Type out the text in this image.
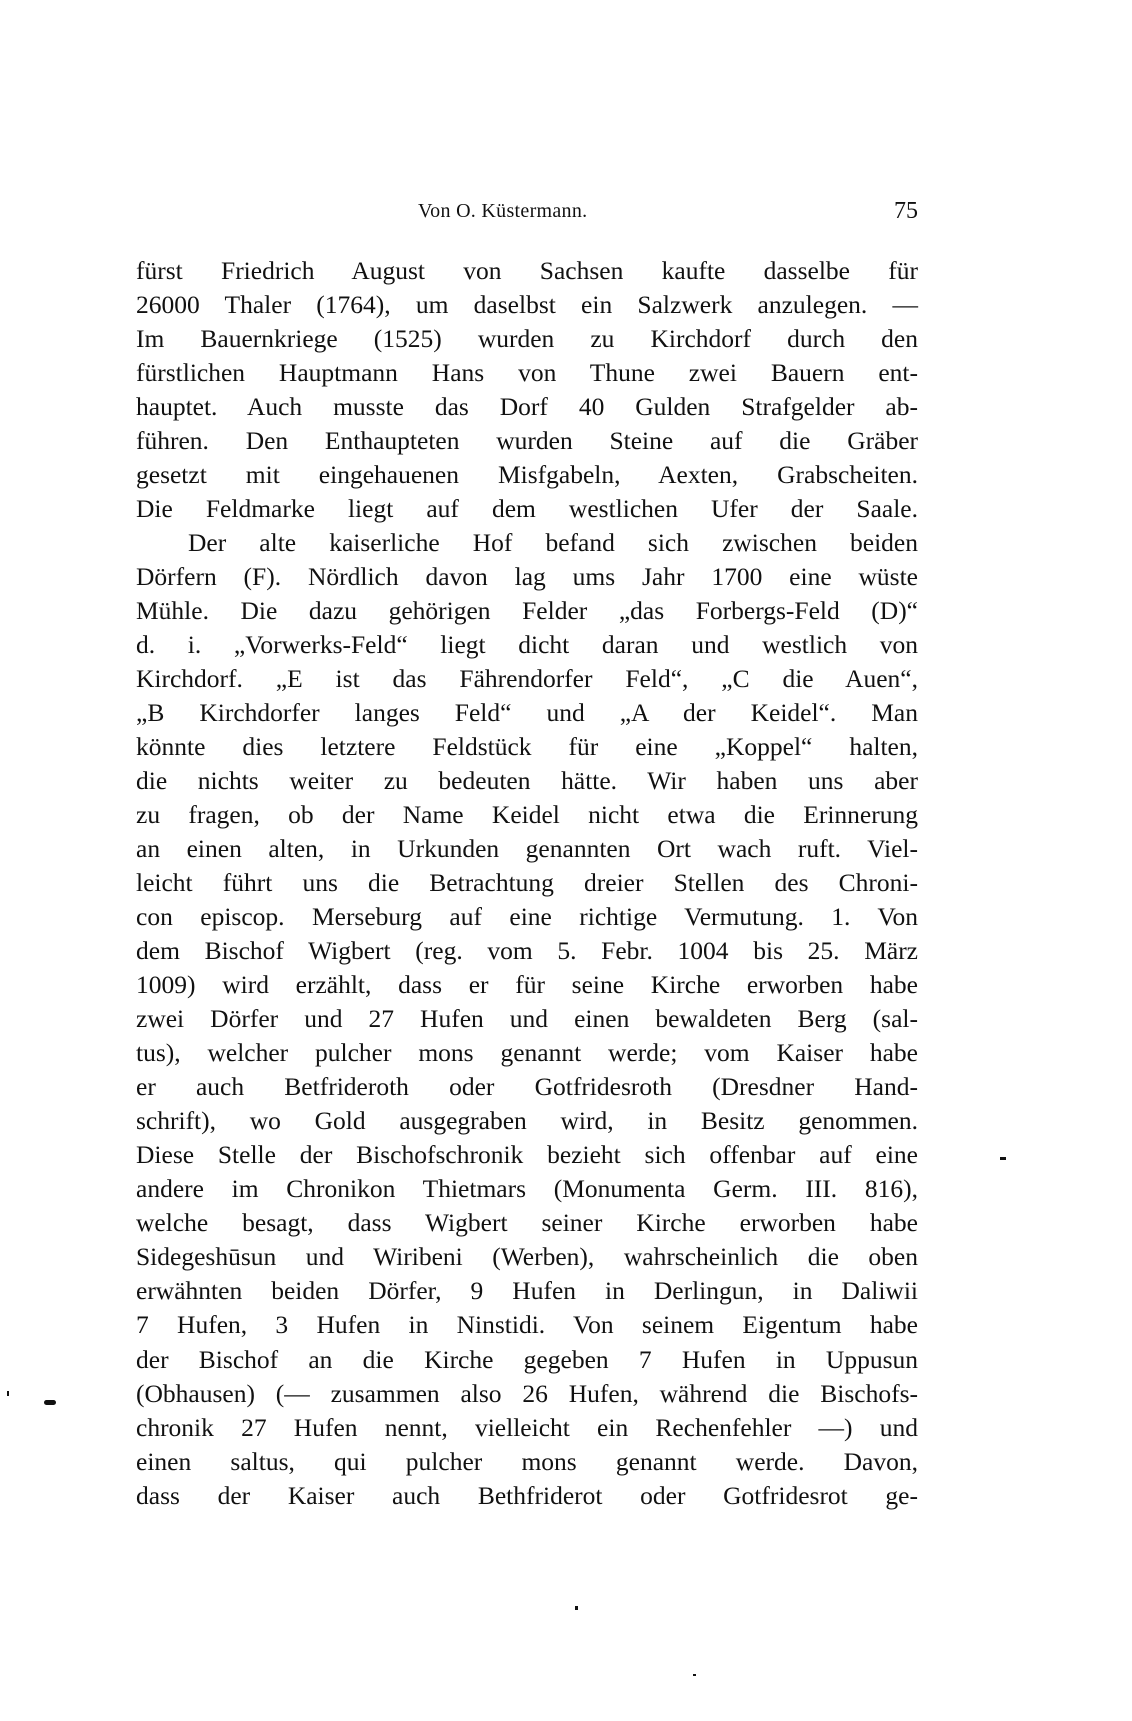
Von O. Küstermann.	75
fürst Friedrich August von Sachsen kaufte dasselbe für
26000 Thaler (1764), um daselbst ein Salzwerk anzulegen. —
Im Bauernkriege (1525) wurden zu Kirchdorf durch den
fürstlichen Hauptmann Hans von Thune zwei Bauern ent-
hauptet. Auch musste das Dorf 40 Gulden Strafgelder ab-
führen. Den Enthaupteten wurden Steine auf die Gräber
gesetzt mit eingehauenen Misfgabeln, Aexten, Grabscheiten.
Die Feldmarke liegt auf dem westlichen Ufer der Saale.
Der alte kaiserliche Hof befand sich zwischen beiden
Dörfern (F). Nördlich davon lag ums Jahr 1700 eine wüste
Mühle. Die dazu gehörigen Felder „das Forbergs-Feld (D)“
d. i. „Vorwerks-Feld“ liegt dicht daran und westlich von
Kirchdorf. „E ist das Fährendorfer Feld“, „C die Auen“,
„B Kirchdorfer langes Feld“ und „A der Keidel“. Man
könnte dies letztere Feldstück für eine „Koppel“ halten,
die nichts weiter zu bedeuten hätte. Wir haben uns aber
zu fragen, ob der Name Keidel nicht etwa die Erinnerung
an einen alten, in Urkunden genannten Ort wach ruft. Viel-
leicht führt uns die Betrachtung dreier Stellen des Chroni-
con episcop. Merseburg auf eine richtige Vermutung. 1. Von
dem Bischof Wigbert (reg. vom 5. Febr. 1004 bis 25. März
1009) wird erzählt, dass er für seine Kirche erworben habe
zwei Dörfer und 27 Hufen und einen bewaldeten Berg (sal-
tus), welcher pulcher mons genannt werde; vom Kaiser habe
er auch Betfrideroth oder Gotfridesroth (Dresdner Hand-
schrift), wo Gold ausgegraben wird, in Besitz genommen.
Diese Stelle der Bischofschronik bezieht sich offenbar auf eine
andere im Chronikon Thietmars (Monumenta Germ. III. 816),
welche besagt, dass Wigbert seiner Kirche erworben habe
Sidegeshūsun und Wiribeni (Werben), wahrscheinlich die oben
erwähnten beiden Dörfer, 9 Hufen in Derlingun, in Daliwii
7 Hufen, 3 Hufen in Ninstidi. Von seinem Eigentum habe
der Bischof an die Kirche gegeben 7 Hufen in Uppusun
(Obhausen) (— zusammen also 26 Hufen, während die Bischofs-
chronik 27 Hufen nennt, vielleicht ein Rechenfehler —) und
einen saltus, qui pulcher mons genannt werde. Davon,
dass der Kaiser auch Bethfriderot oder Gotfridesrot ge-
